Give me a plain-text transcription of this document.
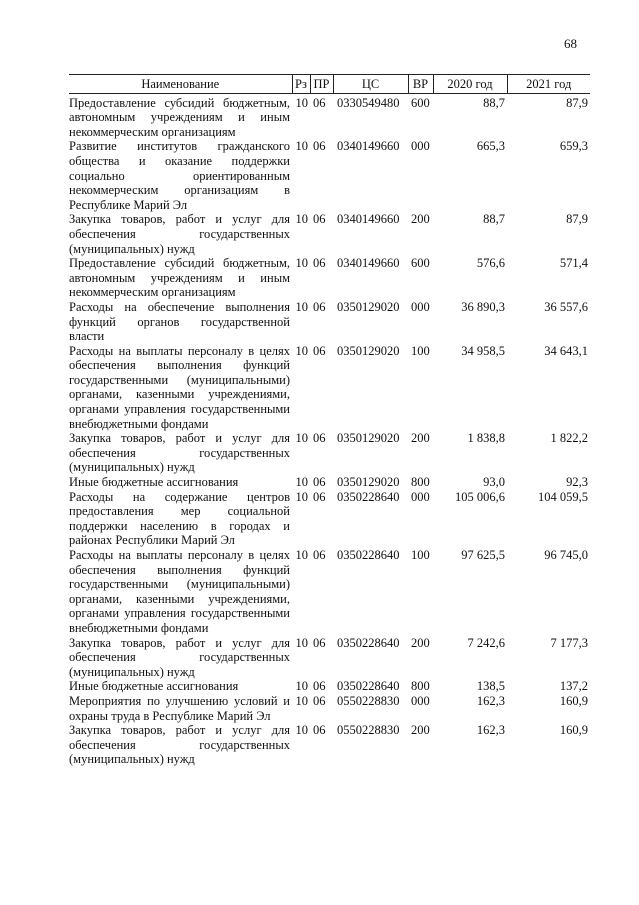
68
Наименование	Рз	ПР	ЦС	ВР	2020 год	2021 год

Предоставление субсидий бюджетным, автономным учреждениям и иным некоммерческим организациям	10	06	0330549480	600	88,7	87,9
Развитие институтов гражданского общества и оказание поддержки социально ориентированным некоммерческим организациям в Республике Марий Эл	10	06	0340149660	000	665,3	659,3
Закупка товаров, работ и услуг для обеспечения государственных (муниципальных) нужд	10	06	0340149660	200	88,7	87,9
Предоставление субсидий бюджетным, автономным учреждениям и иным некоммерческим организациям	10	06	0340149660	600	576,6	571,4
Расходы на обеспечение выполнения функций органов государственной власти	10	06	0350129020	000	36 890,3	36 557,6
Расходы на выплаты персоналу в целях обеспечения выполнения функций государственными (муниципальными) органами, казенными учреждениями, органами управления государственными внебюджетными фондами	10	06	0350129020	100	34 958,5	34 643,1
Закупка товаров, работ и услуг для обеспечения государственных (муниципальных) нужд	10	06	0350129020	200	1 838,8	1 822,2
Иные бюджетные ассигнования	10	06	0350129020	800	93,0	92,3
Расходы на содержание центров предоставления мер социальной поддержки населению в городах и районах Республики Марий Эл	10	06	0350228640	000	105 006,6	104 059,5
Расходы на выплаты персоналу в целях обеспечения выполнения функций государственными (муниципальными) органами, казенными учреждениями, органами управления государственными внебюджетными фондами	10	06	0350228640	100	97 625,5	96 745,0
Закупка товаров, работ и услуг для обеспечения государственных (муниципальных) нужд	10	06	0350228640	200	7 242,6	7 177,3
Иные бюджетные ассигнования	10	06	0350228640	800	138,5	137,2
Мероприятия по улучшению условий и охраны труда в Республике Марий Эл	10	06	0550228830	000	162,3	160,9
Закупка товаров, работ и услуг для обеспечения государственных (муниципальных) нужд	10	06	0550228830	200	162,3	160,9
